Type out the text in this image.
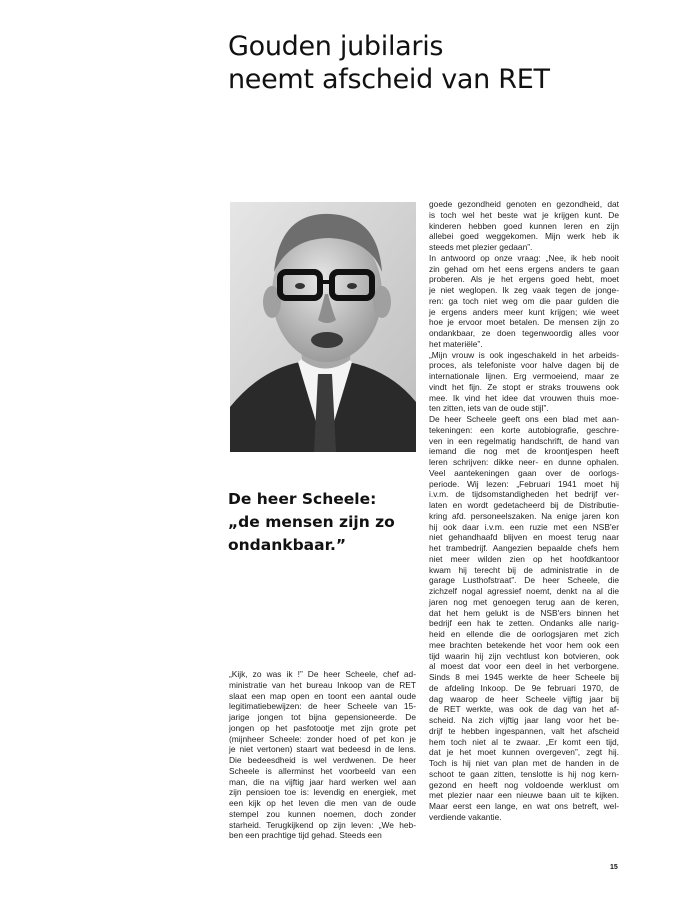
Gouden jubilaris
neemt afscheid van RET
De heer Scheele:
„de mensen zijn zo
ondankbaar.”
„Kijk, zo was ik !” De heer Scheele, chef ad-
ministratie van het bureau Inkoop van de RET
slaat een map open en toont een aantal oude
legitimatiebewijzen: de heer Scheele van 15-
jarige jongen tot bijna gepensioneerde. De
jongen op het pasfotootje met zijn grote pet
(mijnheer Scheele: zonder hoed of pet kon je
je niet vertonen) staart wat bedeesd in de lens.
Die bedeesdheid is wel verdwenen. De heer
Scheele is allerminst het voorbeeld van een
man, die na vijftig jaar hard werken wel aan
zijn pensioen toe is: levendig en energiek, met
een kijk op het leven die men van de oude
stempel zou kunnen noemen, doch zonder
starheid. Terugkijkend op zijn leven: „We heb-
ben een prachtige tijd gehad. Steeds een
goede gezondheid genoten en gezondheid, dat
is toch wel het beste wat je krijgen kunt. De
kinderen hebben goed kunnen leren en zijn
allebei goed weggekomen. Mijn werk heb ik
steeds met plezier gedaan”.
In antwoord op onze vraag: „Nee, ik heb nooit
zin gehad om het eens ergens anders te gaan
proberen. Als je het ergens goed hebt, moet
je niet weglopen. Ik zeg vaak tegen de jonge-
ren: ga toch niet weg om die paar gulden die
je ergens anders meer kunt krijgen; wie weet
hoe je ervoor moet betalen. De mensen zijn zo
ondankbaar, ze doen tegenwoordig alles voor
het materiële”.
„Mijn vrouw is ook ingeschakeld in het arbeids-
proces, als telefoniste voor halve dagen bij de
internationale lijnen. Erg vermoeiend, maar ze
vindt het fijn. Ze stopt er straks trouwens ook
mee. Ik vind het idee dat vrouwen thuis moe-
ten zitten, iets van de oude stijl”.
De heer Scheele geeft ons een blad met aan-
tekeningen: een korte autobiografie, geschre-
ven in een regelmatig handschrift, de hand van
iemand die nog met de kroontjespen heeft
leren schrijven: dikke neer- en dunne ophalen.
Veel aantekeningen gaan over de oorlogs-
periode. Wij lezen: „Februari 1941 moet hij
i.v.m. de tijdsomstandigheden het bedrijf ver-
laten en wordt gedetacheerd bij de Distributie-
kring afd. personeelszaken. Na enige jaren kon
hij ook daar i.v.m. een ruzie met een NSB'er
niet gehandhaafd blijven en moest terug naar
het trambedrijf. Aangezien bepaalde chefs hem
niet meer wilden zien op het hoofdkantoor
kwam hij terecht bij de administratie in de
garage Lusthofstraat”. De heer Scheele, die
zichzelf nogal agressief noemt, denkt na al die
jaren nog met genoegen terug aan de keren,
dat het hem gelukt is de NSB'ers binnen het
bedrijf een hak te zetten. Ondanks alle narig-
heid en ellende die de oorlogsjaren met zich
mee brachten betekende het voor hem ook een
tijd waarin hij zijn vechtlust kon botvieren, ook
al moest dat voor een deel in het verborgene.
Sinds 8 mei 1945 werkte de heer Scheele bij
de afdeling Inkoop. De 9e februari 1970, de
dag waarop de heer Scheele vijftig jaar bij
de RET werkte, was ook de dag van het af-
scheid. Na zich vijftig jaar lang voor het be-
drijf te hebben ingespannen, valt het afscheid
hem toch niet al te zwaar. „Er komt een tijd,
dat je het moet kunnen overgeven”, zegt hij.
Toch is hij niet van plan met de handen in de
schoot te gaan zitten, tenslotte is hij nog kern-
gezond en heeft nog voldoende werklust om
met plezier naar een nieuwe baan uit te kijken.
Maar eerst een lange, en wat ons betreft, wel-
verdiende vakantie.
15
